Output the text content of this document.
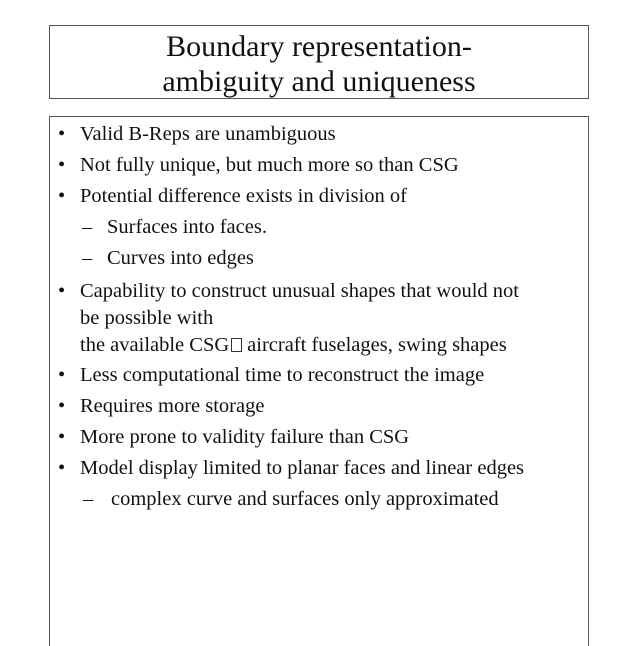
Boundary representation-
ambiguity and uniqueness
• Valid B-Reps are unambiguous
• Not fully unique, but much more so than CSG
• Potential difference exists in division of
– Surfaces into faces.
– Curves into edges
• Capability to construct unusual shapes that would not
be possible with
the available CSG aircraft fuselages, swing shapes
• Less computational time to reconstruct the image
• Requires more storage
• More prone to validity failure than CSG
• Model display limited to planar faces and linear edges
– complex curve and surfaces only approximated
